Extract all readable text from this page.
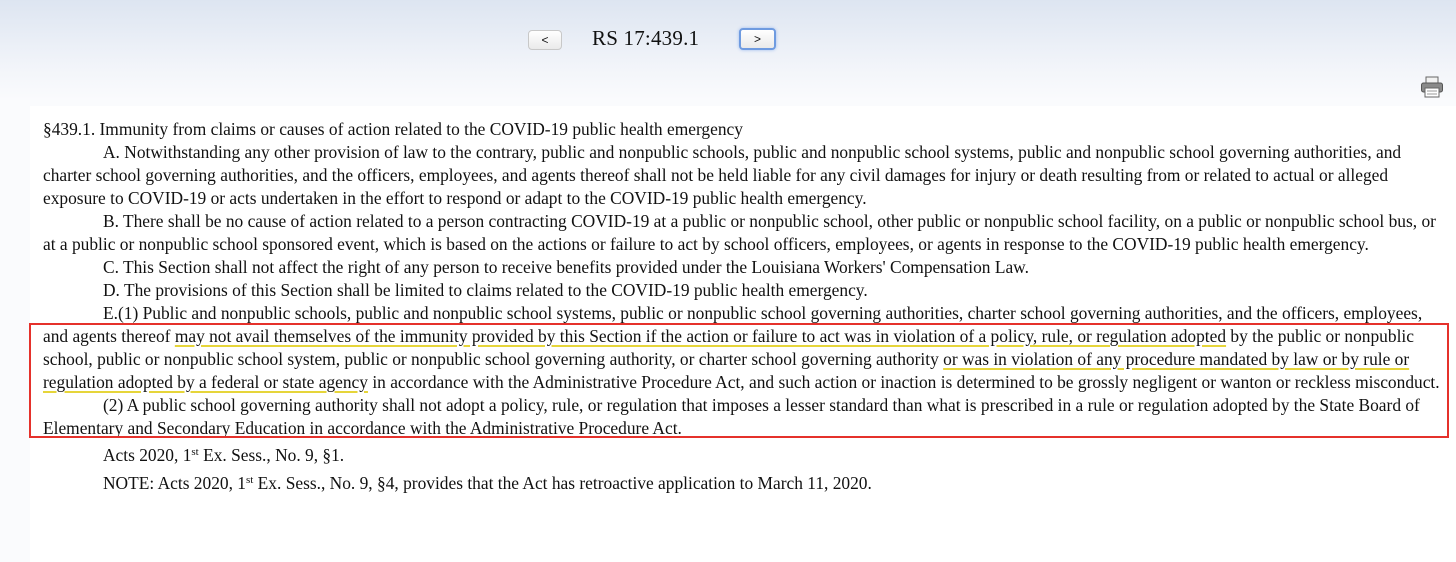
<	RS 17:439.1	>

§439.1. Immunity from claims or causes of action related to the COVID-19 public health emergency

A. Notwithstanding any other provision of law to the contrary, public and nonpublic schools, public and nonpublic school systems, public and nonpublic school governing authorities, and charter school governing authorities, and the officers, employees, and agents thereof shall not be held liable for any civil damages for injury or death resulting from or related to actual or alleged exposure to COVID-19 or acts undertaken in the effort to respond or adapt to the COVID-19 public health emergency.

B. There shall be no cause of action related to a person contracting COVID-19 at a public or nonpublic school, other public or nonpublic school facility, on a public or nonpublic school bus, or at a public or nonpublic school sponsored event, which is based on the actions or failure to act by school officers, employees, or agents in response to the COVID-19 public health emergency.

C. This Section shall not affect the right of any person to receive benefits provided under the Louisiana Workers' Compensation Law.

D. The provisions of this Section shall be limited to claims related to the COVID-19 public health emergency.

E.(1) Public and nonpublic schools, public and nonpublic school systems, public or nonpublic school governing authorities, charter school governing authorities, and the officers, employees, and agents thereof may not avail themselves of the immunity provided by this Section if the action or failure to act was in violation of a policy, rule, or regulation adopted by the public or nonpublic school, public or nonpublic school system, public or nonpublic school governing authority, or charter school governing authority or was in violation of any procedure mandated by law or by rule or regulation adopted by a federal or state agency in accordance with the Administrative Procedure Act, and such action or inaction is determined to be grossly negligent or wanton or reckless misconduct.

(2) A public school governing authority shall not adopt a policy, rule, or regulation that imposes a lesser standard than what is prescribed in a rule or regulation adopted by the State Board of Elementary and Secondary Education in accordance with the Administrative Procedure Act.

Acts 2020, 1st Ex. Sess., No. 9, §1.

NOTE: Acts 2020, 1st Ex. Sess., No. 9, §4, provides that the Act has retroactive application to March 11, 2020.
